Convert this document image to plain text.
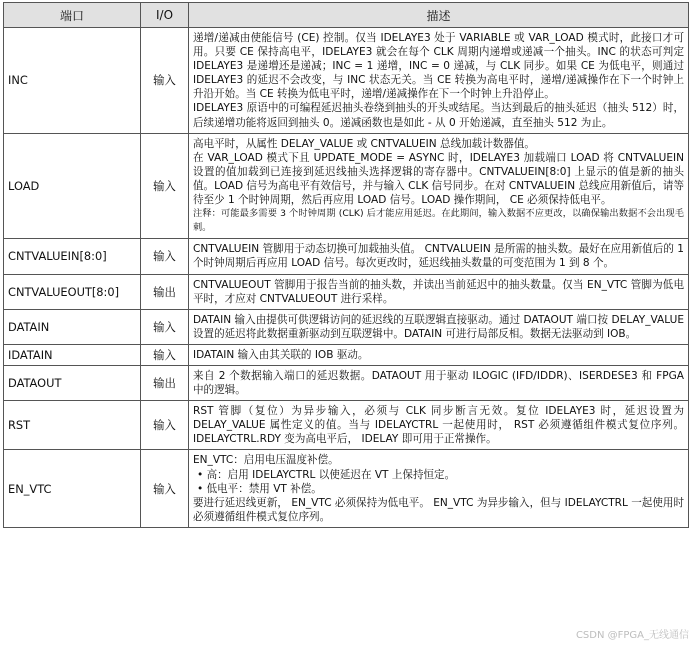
端口	I/O	描述
INC	输入	递增/递减由使能信号 (CE) 控制。仅当 IDELAYE3 处于 VARIABLE 或 VAR_LOAD 模式时，此接口才可用。只要 CE 保持高电平，IDELAYE3 就会在每个 CLK 周期内递增或递减一个抽头。INC 的状态可判定 IDELAYE3 是递增还是递减；INC = 1 递增，INC = 0 递减，与 CLK 同步。如果 CE 为低电平，则通过 IDELAYE3 的延迟不会改变，与 INC 状态无关。当 CE 转换为高电平时，递增/递减操作在下一个时钟上升沿开始。当 CE 转换为低电平时，递增/递减操作在下一个时钟上升沿停止。

IDELAYE3 原语中的可编程延迟抽头卷绕到抽头的开头或结尾。当达到最后的抽头延迟（抽头 512）时，后续递增功能将返回到抽头 0。递减函数也是如此 - 从 0 开始递减，直至抽头 512 为止。

LOAD	输入	高电平时，从属性 DELAY_VALUE 或 CNTVALUEIN 总线加载计数器值。

在 VAR_LOAD 模式下且 UPDATE_MODE = ASYNC 时，IDELAYE3 加载端口 LOAD 将 CNTVALUEIN 设置的值加载到已连接到延迟线抽头选择逻辑的寄存器中。CNTVALUEIN[8:0] 上显示的值是新的抽头值。LOAD 信号为高电平有效信号，并与输入 CLK 信号同步。在对 CNTVALUEIN 总线应用新值后，请等待至少 1 个时钟周期，然后再应用 LOAD 信号。LOAD 操作期间， CE 必须保持低电平。

注释：可能最多需要 3 个时钟周期 (CLK) 后才能应用延迟。在此期间，输入数据不应更改，以确保输出数据不会出现毛刺。

CNTVALUEIN[8:0]	输入	CNTVALUEIN 管脚用于动态切换可加载抽头值。 CNTVALUEIN 是所需的抽头数。最好在应用新值后的 1 个时钟周期后再应用 LOAD 信号。每次更改时，延迟线抽头数量的可变范围为 1 到 8 个。

CNTVALUEOUT[8:0]	输出	CNTVALUEOUT 管脚用于报告当前的抽头数，并读出当前延迟中的抽头数量。仅当 EN_VTC 管脚为低电平时，才应对 CNTVALUEOUT 进行采样。

DATAIN	输入	DATAIN 输入由提供可供逻辑访问的延迟线的互联逻辑直接驱动。通过 DATAOUT 端口按 DELAY_VALUE 设置的延迟将此数据重新驱动到互联逻辑中。DATAIN 可进行局部反相。数据无法驱动到 IOB。

IDATAIN	输入	IDATAIN 输入由其关联的 IOB 驱动。

DATAOUT	输出	来自 2 个数据输入端口的延迟数据。DATAOUT 用于驱动 ILOGIC (IFD/IDDR)、ISERDESE3 和 FPGA 中的逻辑。

RST	输入	RST 管脚（复位）为异步输入，必须与 CLK 同步断言无效。复位 IDELAYE3 时，延迟设置为 DELAY_VALUE 属性定义的值。当与 IDELAYCTRL 一起使用时， RST 必须遵循组件模式复位序列。 IDELAYCTRL.RDY 变为高电平后， IDELAY 即可用于正常操作。

EN_VTC	输入	EN_VTC：启用电压温度补偿。

• 高：启用 IDELAYCTRL 以使延迟在 VT 上保持恒定。

• 低电平：禁用 VT 补偿。

要进行延迟线更新， EN_VTC 必须保持为低电平。 EN_VTC 为异步输入，但与 IDELAYCTRL 一起使用时必须遵循组件模式复位序列。

CSDN @FPGA_无线通信
